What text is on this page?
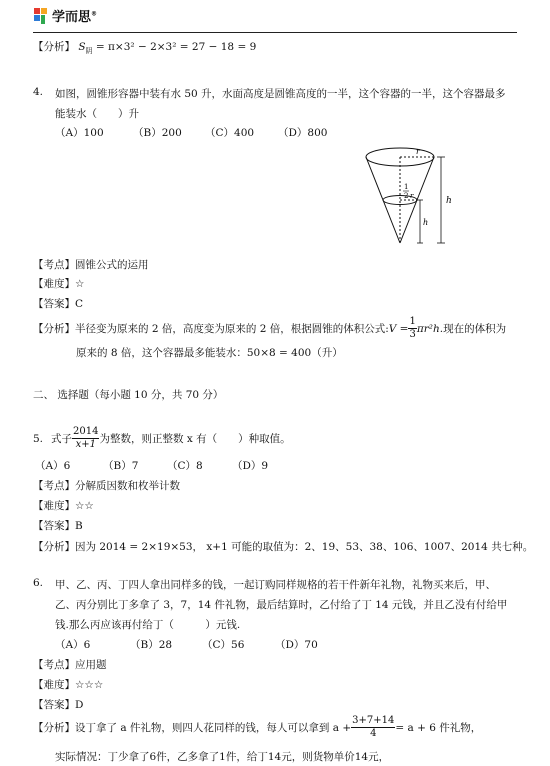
学而思®
【分析】 $S_阴 = \pi\times 3^2 - 2\times 3^2 = 27 - 18 = 9$
4. 如图，圆锥形容器中装有水 50 升，水面高度是圆锥高度的一半，这个容器的一半，这个容器最多
能装水（　　）升
（A）100	（B）200 （C）400 （D）800
r
h
1
2 r
h
【考点】圆锥公式的运用
【难度】☆
【答案】C
【分析】 半径变为原来的 2 倍，高度变为原来的 2 倍，根据圆锥的体积公式: $V = \frac{1}{3} \pi r^2h$ .现在的体积为
原来的 8 倍，这个容器最多能装水：50×8 = 400（升）
二、 选择题（每小题 10 分，共 70 分）
5. 式子 $\frac{2014}{x+1}$ 为整数，则正整数 x 有（　　）种取值。
（A）6	（B）7	（C）8	（D）9
【考点】分解质因数和枚举计数
【难度】☆☆
【答案】B
【分析】因为 2014 = 2×19×53， x+1 可能的取值为：2、19、53、38、106、1007、2014 共七种。
6. 甲、乙、丙、丁四人拿出同样多的钱，一起订购同样规格的若干件新年礼物，礼物买来后，甲、
乙、丙分别比丁多拿了 3，7，14 件礼物，最后结算时，乙付给了丁 14 元钱，并且乙没有付给甲
钱.那么丙应该再付给丁（　　　）元钱.
（A）6	（B）28	（C）56	（D）70
【考点】应用题
【难度】☆☆☆
【答案】D
【分析】 设丁拿了 a 件礼物，则四人花同样的钱，每人可以拿到 $a + \frac{3+7+14}{4} = a + 6$ 件礼物，
实际情况：丁少拿了6件，乙多拿了1件，给丁14元，则货物单价14元，
